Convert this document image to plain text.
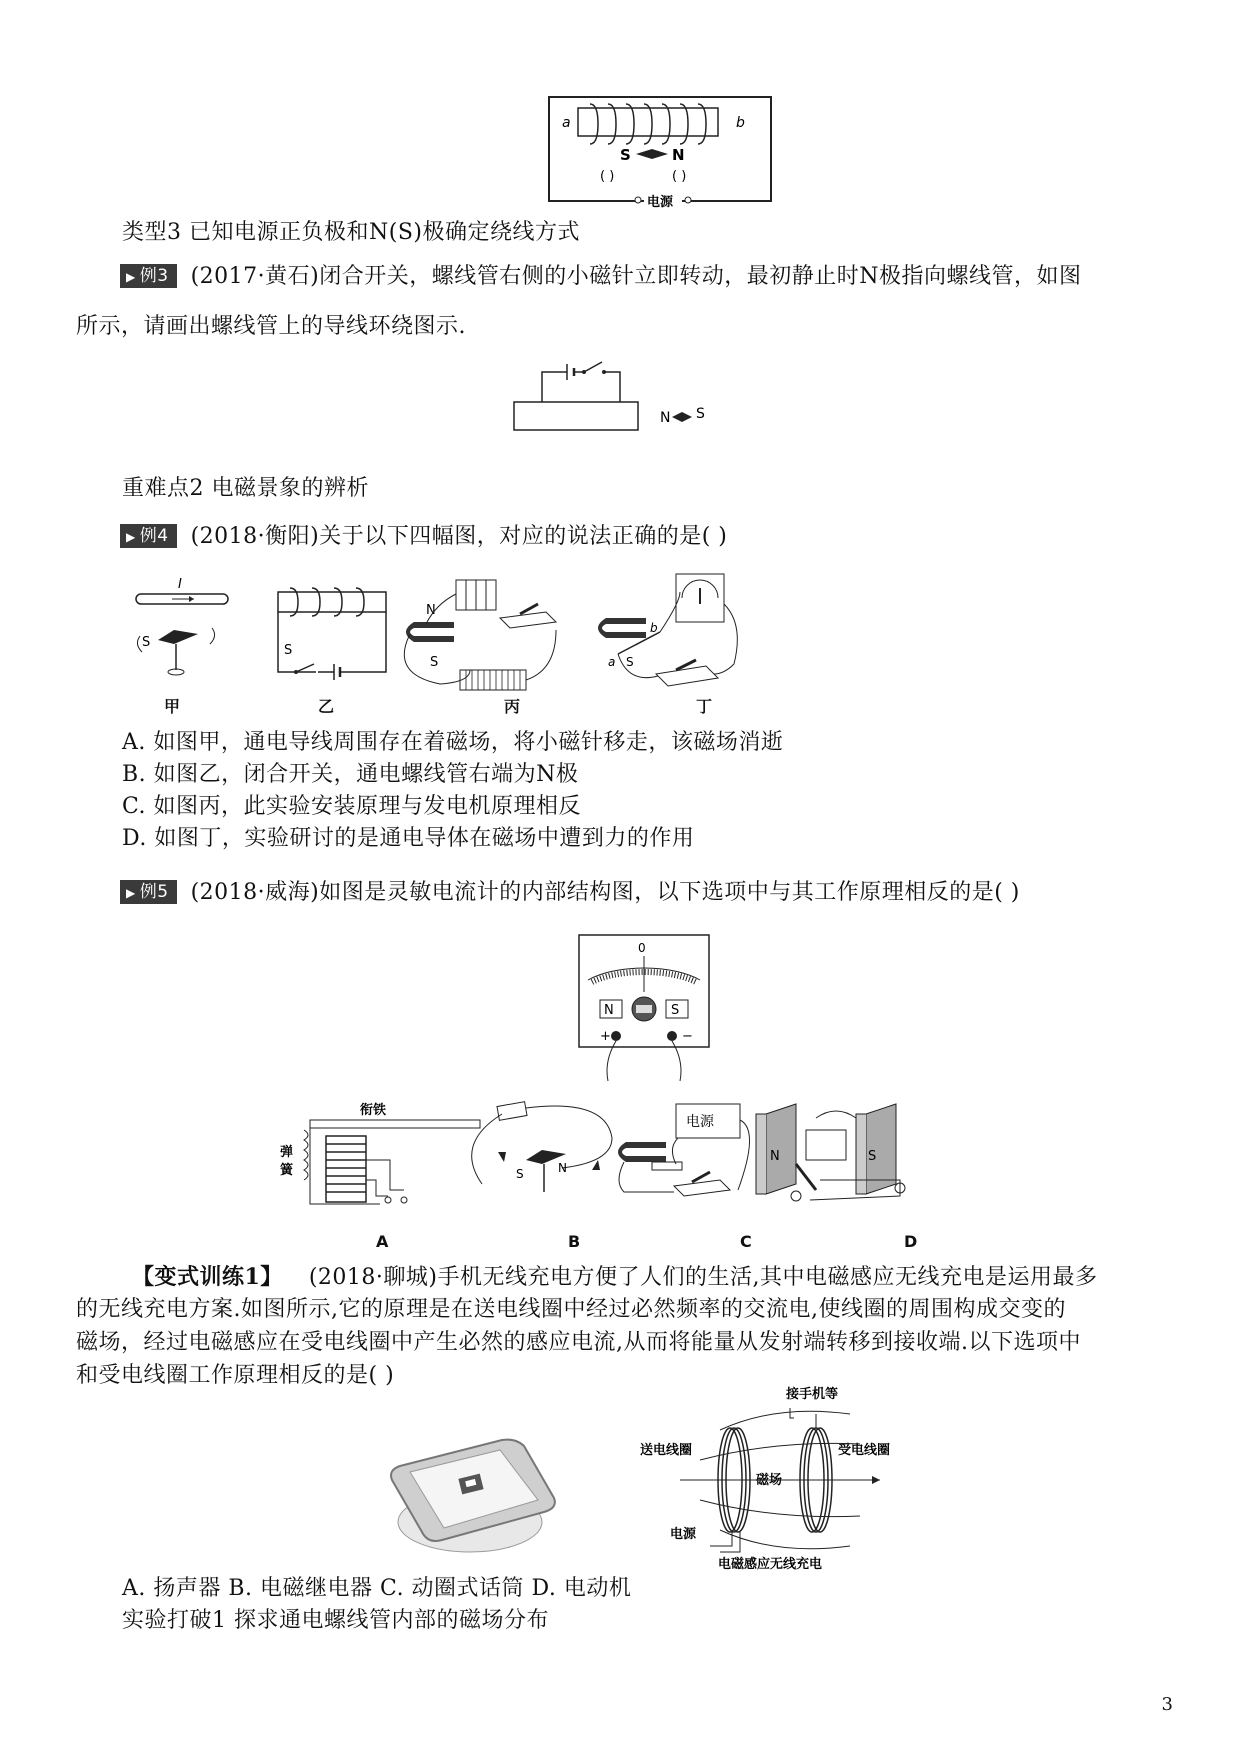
a	b
S	N
( )	( )
电源
类型3 已知电源正负极和N(S)极确定绕线方式
▶ 例3 (2017·黄石)闭合开关，螺线管右侧的小磁针立即转动，最初静止时N极指向螺线管，如图
所示，请画出螺线管上的导线环绕图示.
N S
重难点2 电磁景象的辨析
▶ 例4 (2018·衡阳)关于以下四幅图，对应的说法正确的是( )
I
S
S
N
S
b
a S
甲	乙	丙	丁
A. 如图甲，通电导线周围存在着磁场，将小磁针移走，该磁场消逝
B. 如图乙，闭合开关，通电螺线管右端为N极
C. 如图丙，此实验安装原理与发电机原理相反
D. 如图丁，实验研讨的是通电导体在磁场中遭到力的作用
▶ 例5 (2018·威海)如图是灵敏电流计的内部结构图，以下选项中与其工作原理相反的是( )
0
N	S
+	−
衔铁
弹
簧
弹簧
S	N
电源
N	S
A	B	C	D
【变式训练1】 (2018·聊城)手机无线充电方便了人们的生活,其中电磁感应无线充电是运用最多
的无线充电方案.如图所示,它的原理是在送电线圈中经过必然频率的交流电,使线圈的周围构成交变的
磁场，经过电磁感应在受电线圈中产生必然的感应电流,从而将能量从发射端转移到接收端.以下选项中
和受电线圈工作原理相反的是( )
接手机等
送电线圈	受电线圈
磁场
电源
电磁感应无线充电
A. 扬声器 B. 电磁继电器 C. 动圈式话筒 D. 电动机
实验打破1 探求通电螺线管内部的磁场分布
3
